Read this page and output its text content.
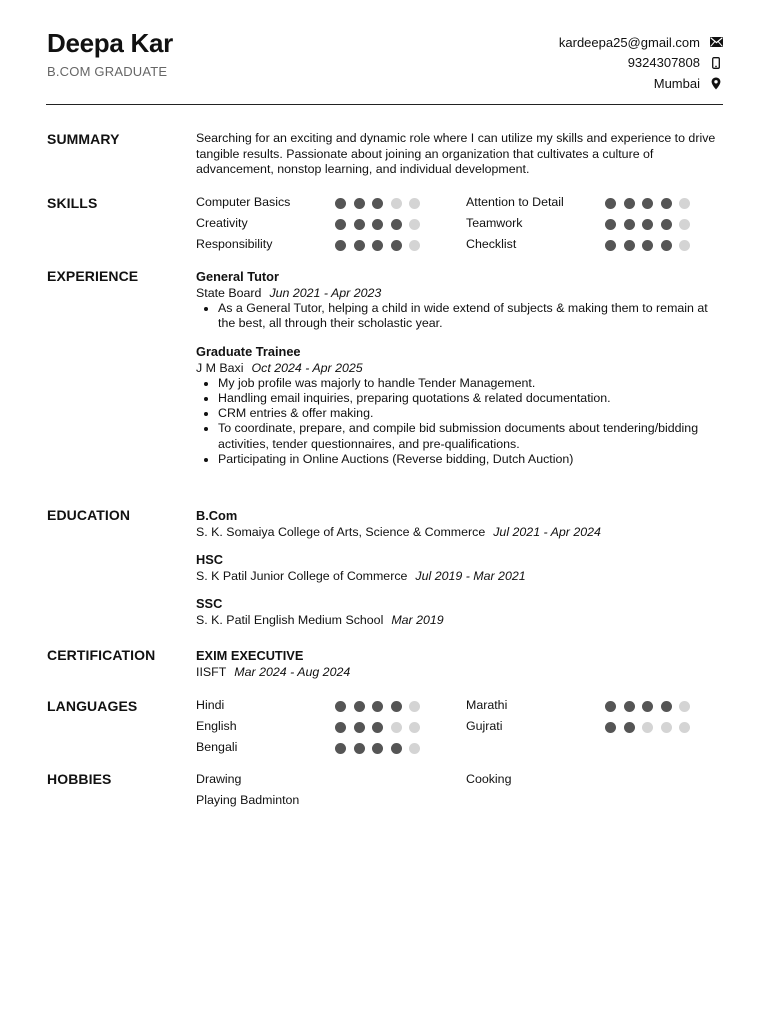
Deepa Kar
B.COM GRADUATE
kardeepa25@gmail.com
9324307808
Mumbai
SUMMARY	Searching for an exciting and dynamic role where I can utilize my skills and experience to drive tangible results. Passionate about joining an organization that cultivates a culture of advancement, nonstop learning, and individual development.

SKILLS	Computer Basics	Attention to Detail
Creativity	Teamwork
Responsibility	Checklist
EXPERIENCE	General Tutor
State Board Jun 2021 - Apr 2023
• As a General Tutor, helping a child in wide extend of subjects & making them to remain at the best, all through their scholastic year.
Graduate Trainee
J M Baxi Oct 2024 - Apr 2025
• My job profile was majorly to handle Tender Management.
• Handling email inquiries, preparing quotations & related documentation.
• CRM entries & offer making.
• To coordinate, prepare, and compile bid submission documents about tendering/bidding activities, tender questionnaires, and pre-qualifications.
• Participating in Online Auctions (Reverse bidding, Dutch Auction)
EDUCATION	B.Com
S. K. Somaiya College of Arts, Science & Commerce Jul 2021 - Apr 2024
HSC
S. K Patil Junior College of Commerce Jul 2019 - Mar 2021
SSC
S. K. Patil English Medium School Mar 2019
CERTIFICATION	EXIM EXECUTIVE
IISFT Mar 2024 - Aug 2024
LANGUAGES	Hindi	Marathi
English	Gujrati
Bengali
HOBBIES	Drawing	Cooking
Playing Badminton
